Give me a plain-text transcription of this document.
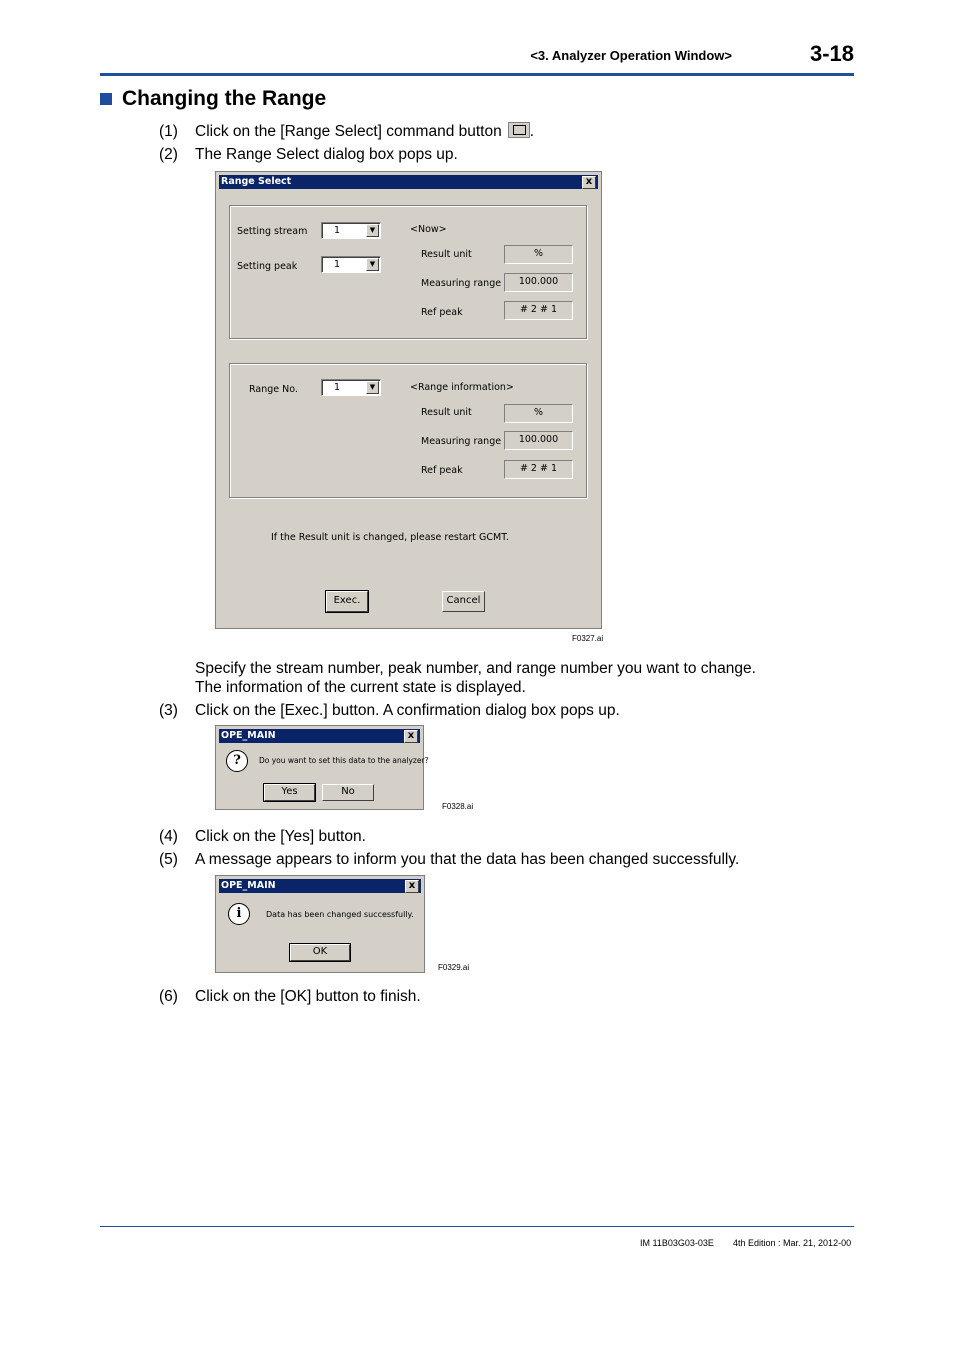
<3. Analyzer Operation Window>	3-18
Changing the Range
(1) Click on the [Range Select] command button .
(2) The Range Select dialog box pops up.
Range Select	x
Setting stream	1	▼
Setting peak	1	▼
<Now>
Result unit	%
Measuring range	100.000
Ref peak	# 2 # 1
Range No.	1	▼	<Range information>
Result unit	%
Measuring range	100.000
Ref peak	# 2 # 1
If the Result unit is changed, please restart GCMT.
Exec.	Cancel
F0327.ai
Specify the stream number, peak number, and range number you want to change.
The information of the current state is displayed.
(3) Click on the [Exec.] button. A confirmation dialog box pops up.
OPE_MAIN	x
?	Do you want to set this data to the analyzer?
Yes	No
F0328.ai
(4) Click on the [Yes] button.
(5) A message appears to inform you that the data has been changed successfully.
OPE_MAIN	x
i	Data has been changed successfully.
OK
F0329.ai
(6) Click on the [OK] button to finish.
IM 11B03G03-03E 4th Edition : Mar. 21, 2012-00
